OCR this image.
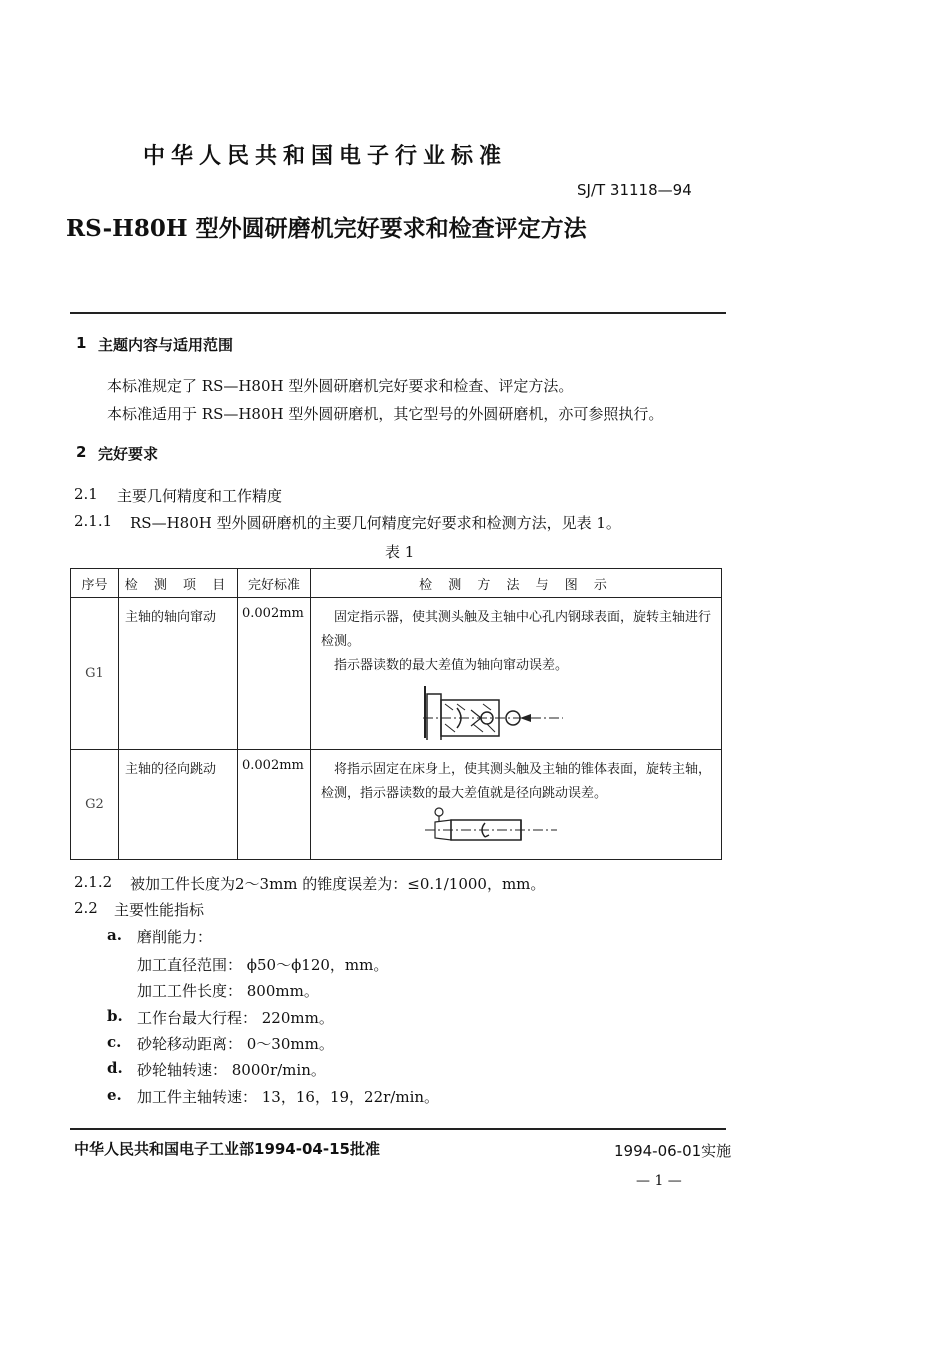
中华人民共和国电子行业标准
SJ/T 31118—94
RS-H80H 型外圆研磨机完好要求和检查评定方法
1 主题内容与适用范围
本标准规定了 RS—H80H 型外圆研磨机完好要求和检查、评定方法。
本标准适用于 RS—H80H 型外圆研磨机，其它型号的外圆研磨机，亦可参照执行。
2 完好要求
2.1 主要几何精度和工作精度
2.1.1 RS—H80H 型外圆研磨机的主要几何精度完好要求和检测方法，见表 1。
表 1
序号	检 测 项 目	完好标准	检 测 方 法 与 图 示
G1	主轴的轴向窜动	0.002mm	固定指示器，使其测头触及主轴中心孔内钢球表面，旋转主轴进行检测。
指示器读数的最大差值为轴向窜动误差。

G2	主轴的径向跳动	0.002mm	将指示固定在床身上，使其测头触及主轴的锥体表面，旋转主轴，检测，指示器读数的最大差值就是径向跳动误差。
2.1.2 被加工件长度为2～3mm 的锥度误差为：≤0.1/1000，mm。
2.2 主要性能指标
a. 磨削能力：
加工直径范围： ϕ50～ϕ120，mm。
加工工件长度： 800mm。
b. 工作台最大行程： 220mm。
c. 砂轮移动距离： 0～30mm。
d. 砂轮轴转速： 8000r/min。
e. 加工件主轴转速： 13，16，19，22r/min。
中华人民共和国电子工业部1994-04-15批准	1994-06-01实施
— 1 —
